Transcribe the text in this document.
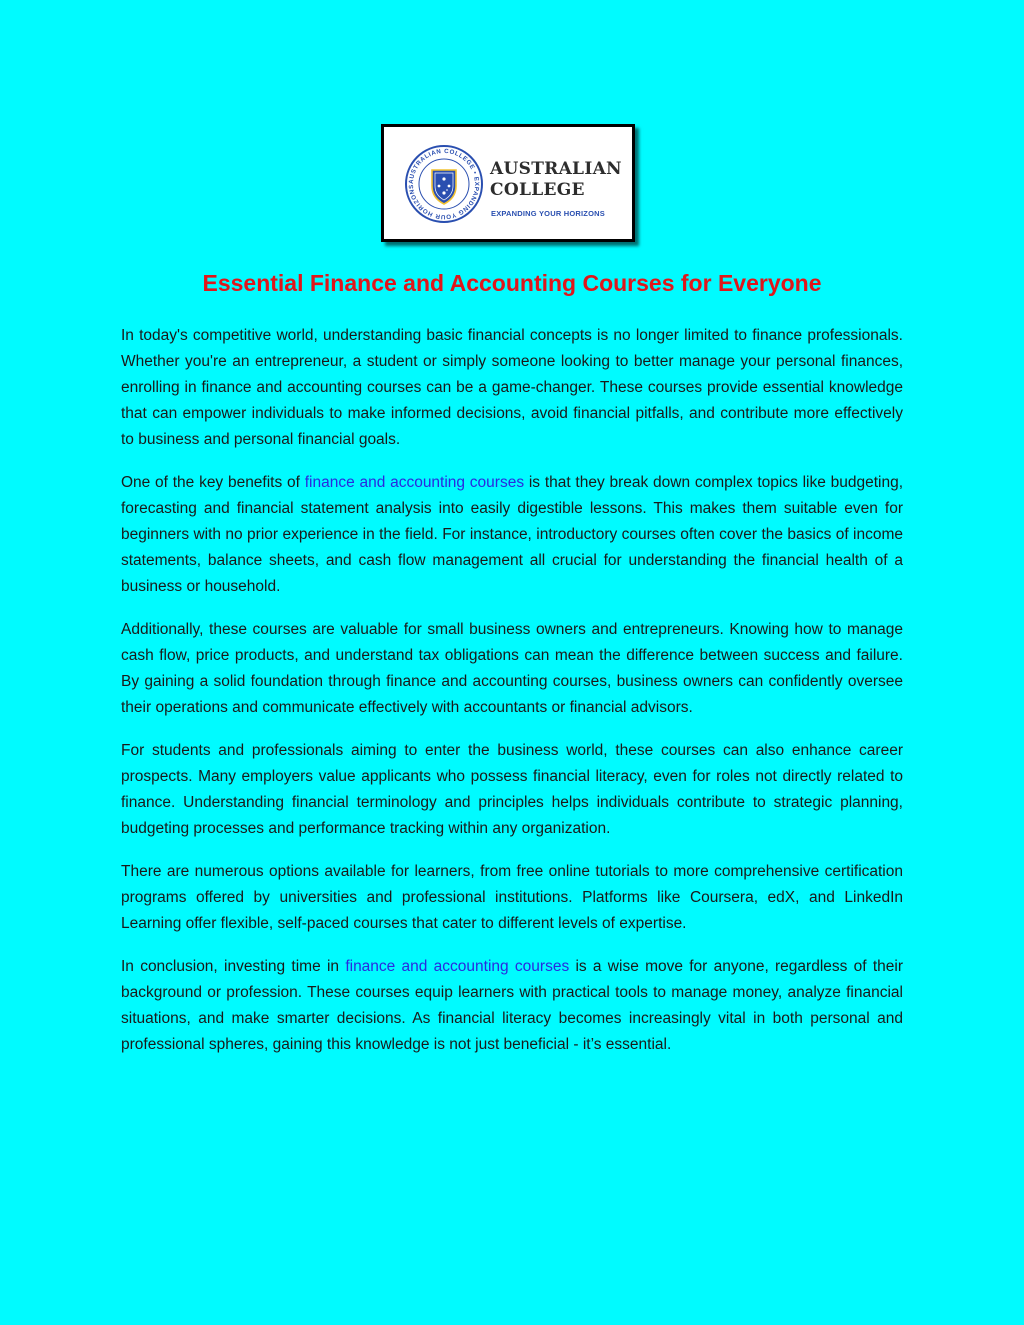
AUSTRALIAN COLLEGE • EXPANDING YOUR HORIZONS
AUSTRALIAN
COLLEGE
EXPANDING YOUR HORIZONS
Essential Finance and Accounting Courses for Everyone

In today's competitive world, understanding basic financial concepts is no longer limited to finance professionals. Whether you're an entrepreneur, a student or simply someone looking to better manage your personal finances, enrolling in finance and accounting courses can be a game-changer. These courses provide essential knowledge that can empower individuals to make informed decisions, avoid financial pitfalls, and contribute more effectively to business and personal financial goals.

One of the key benefits of finance and accounting courses is that they break down complex topics like budgeting, forecasting and financial statement analysis into easily digestible lessons. This makes them suitable even for beginners with no prior experience in the field. For instance, introductory courses often cover the basics of income statements, balance sheets, and cash flow management all crucial for understanding the financial health of a business or household.

Additionally, these courses are valuable for small business owners and entrepreneurs. Knowing how to manage cash flow, price products, and understand tax obligations can mean the difference between success and failure. By gaining a solid foundation through finance and accounting courses, business owners can confidently oversee their operations and communicate effectively with accountants or financial advisors.

For students and professionals aiming to enter the business world, these courses can also enhance career prospects. Many employers value applicants who possess financial literacy, even for roles not directly related to finance. Understanding financial terminology and principles helps individuals contribute to strategic planning, budgeting processes and performance tracking within any organization.

There are numerous options available for learners, from free online tutorials to more comprehensive certification programs offered by universities and professional institutions. Platforms like Coursera, edX, and LinkedIn Learning offer flexible, self-paced courses that cater to different levels of expertise.

In conclusion, investing time in finance and accounting courses is a wise move for anyone, regardless of their background or profession. These courses equip learners with practical tools to manage money, analyze financial situations, and make smarter decisions. As financial literacy becomes increasingly vital in both personal and professional spheres, gaining this knowledge is not just beneficial - it’s essential.
